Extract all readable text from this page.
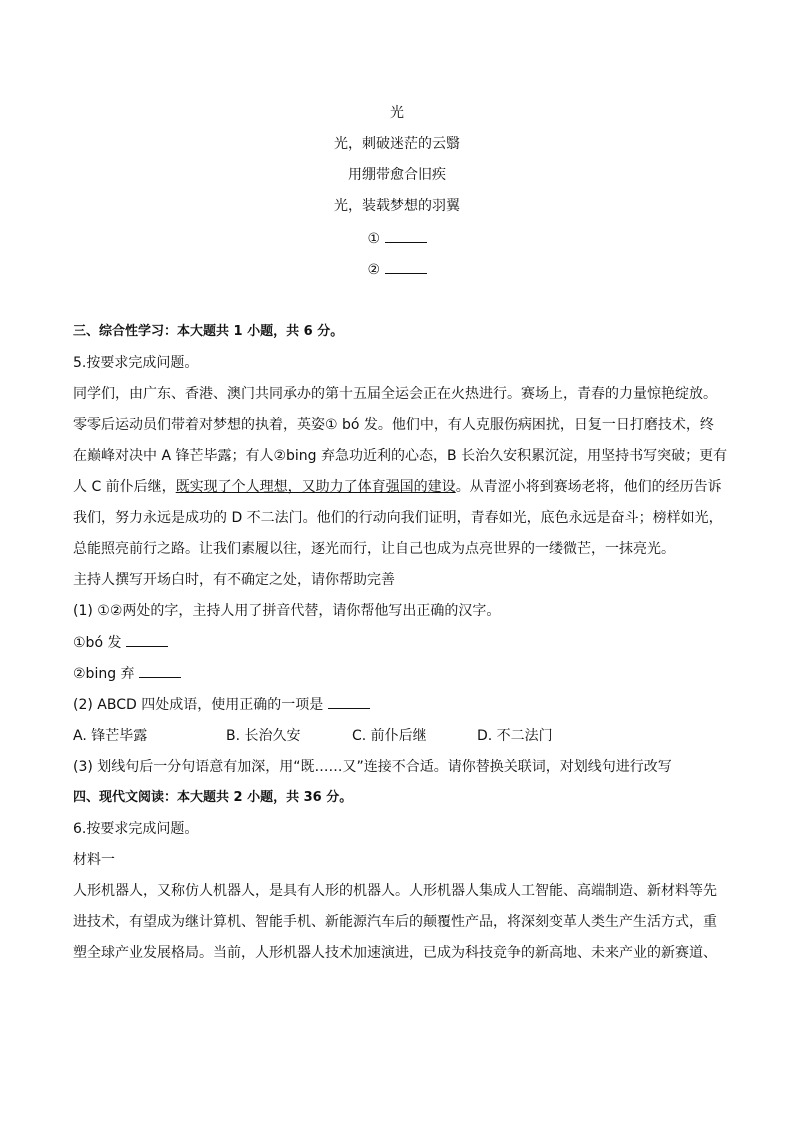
光
光，刺破迷茫的云翳
用绷带愈合旧疾
光，装载梦想的羽翼
①
②
三、综合性学习：本大题共 1 小题，共 6 分。
5.按要求完成问题。
同学们，由广东、香港、澳门共同承办的第十五届全运会正在火热进行。赛场上，青春的力量惊艳绽放。
零零后运动员们带着对梦想的执着，英姿① bó 发。他们中，有人克服伤病困扰，日复一日打磨技术，终
在巅峰对决中 A 锋芒毕露；有人②bing 弃急功近利的心态，B 长治久安积累沉淀，用坚持书写突破；更有
人 C 前仆后继，既实现了个人理想，又助力了体育强国的建设。从青涩小将到赛场老将，他们的经历告诉
我们，努力永远是成功的 D 不二法门。他们的行动向我们证明，青春如光，底色永远是奋斗；榜样如光，
总能照亮前行之路。让我们素履以往，逐光而行，让自己也成为点亮世界的一缕微芒，一抹亮光。
主持人撰写开场白时，有不确定之处，请你帮助完善
(1) ①②两处的字，主持人用了拼音代替，请你帮他写出正确的汉字。
①bó 发
②bing 弃
(2) ABCD 四处成语，使用正确的一项是
A. 锋芒毕露	B. 长治久安	C. 前仆后继	D. 不二法门
(3) 划线句后一分句语意有加深，用“既……又”连接不合适。请你替换关联词，对划线句进行改写
四、现代文阅读：本大题共 2 小题，共 36 分。
6.按要求完成问题。
材料一
人形机器人，又称仿人机器人，是具有人形的机器人。人形机器人集成人工智能、高端制造、新材料等先
进技术，有望成为继计算机、智能手机、新能源汽车后的颠覆性产品，将深刻变革人类生产生活方式，重
塑全球产业发展格局。当前，人形机器人技术加速演进，已成为科技竞争的新高地、未来产业的新赛道、
